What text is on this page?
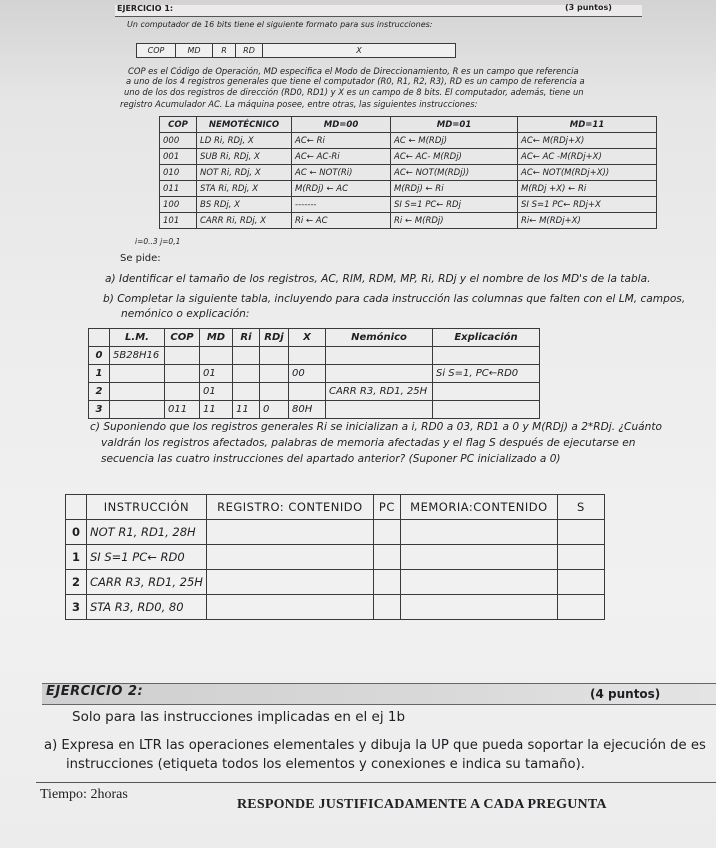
EJERCICIO 1:	(3 puntos)
Un computador de 16 bits tiene el siguiente formato para sus instrucciones:
COP	MD	R	RD	X
COP es el Código de Operación, MD especifica el Modo de Direccionamiento, R es un campo que referencia
a uno de los 4 registros generales que tiene el computador (R0, R1, R2, R3), RD es un campo de referencia a
uno de los dos registros de dirección (RD0, RD1) y X es un campo de 8 bits. El computador, además, tiene un
registro Acumulador AC. La máquina posee, entre otras, las siguientes instrucciones:
COP	NEMOTÉCNICO	MD=00	MD=01	MD=11
000	LD Ri, RDj, X	AC← Ri	AC ← M(RDj)	AC← M(RDj+X)
001	SUB Ri, RDj, X	AC← AC-Ri	AC← AC- M(RDj)	AC← AC -M(RDj+X)
010	NOT Ri, RDj, X	AC ← NOT(Ri)	AC← NOT(M(RDj))	AC← NOT(M(RDj+X))
011	STA Ri, RDj, X	M(RDj) ← AC	M(RDj) ← Ri	M(RDj +X) ← Ri
100	BS RDj, X	-------	SI S=1 PC← RDj	SI S=1 PC← RDj+X
101	CARR Ri, RDj, X	Ri ← AC	Ri ← M(RDj)	Ri← M(RDj+X)
i=0..3 j=0,1
Se pide:
a) Identificar el tamaño de los registros, AC, RIM, RDM, MP, Ri, RDj y el nombre de los MD's de la tabla.
b) Completar la siguiente tabla, incluyendo para cada instrucción las columnas que falten con el LM, campos,
nemónico o explicación:
	L.M.	COP	MD	Ri	RDj	X	Nemónico	Explicación
0	5B28H16							
1			01			00		Si S=1, PC←RD0
2			01				CARR R3, RD1, 25H	
3		011	11	11	0	80H		
c) Suponiendo que los registros generales Ri se inicializan a i, RD0 a 03, RD1 a 0 y M(RDj) a 2*RDj. ¿Cuánto
valdrán los registros afectados, palabras de memoria afectadas y el flag S después de ejecutarse en
secuencia las cuatro instrucciones del apartado anterior? (Suponer PC inicializado a 0)
	INSTRUCCIÓN	REGISTRO: CONTENIDO	PC	MEMORIA:CONTENIDO	S
0	NOT R1, RD1, 28H				
1	SI S=1 PC← RD0				
2	CARR R3, RD1, 25H				
3	STA R3, RD0, 80				
EJERCICIO 2:	(4 puntos)
Solo para las instrucciones implicadas en el ej 1b
a) Expresa en LTR las operaciones elementales y dibuja la UP que pueda soportar la ejecución de es
instrucciones (etiqueta todos los elementos y conexiones e indica su tamaño).
Tiempo: 2horas
RESPONDE JUSTIFICADAMENTE A CADA PREGUNTA
